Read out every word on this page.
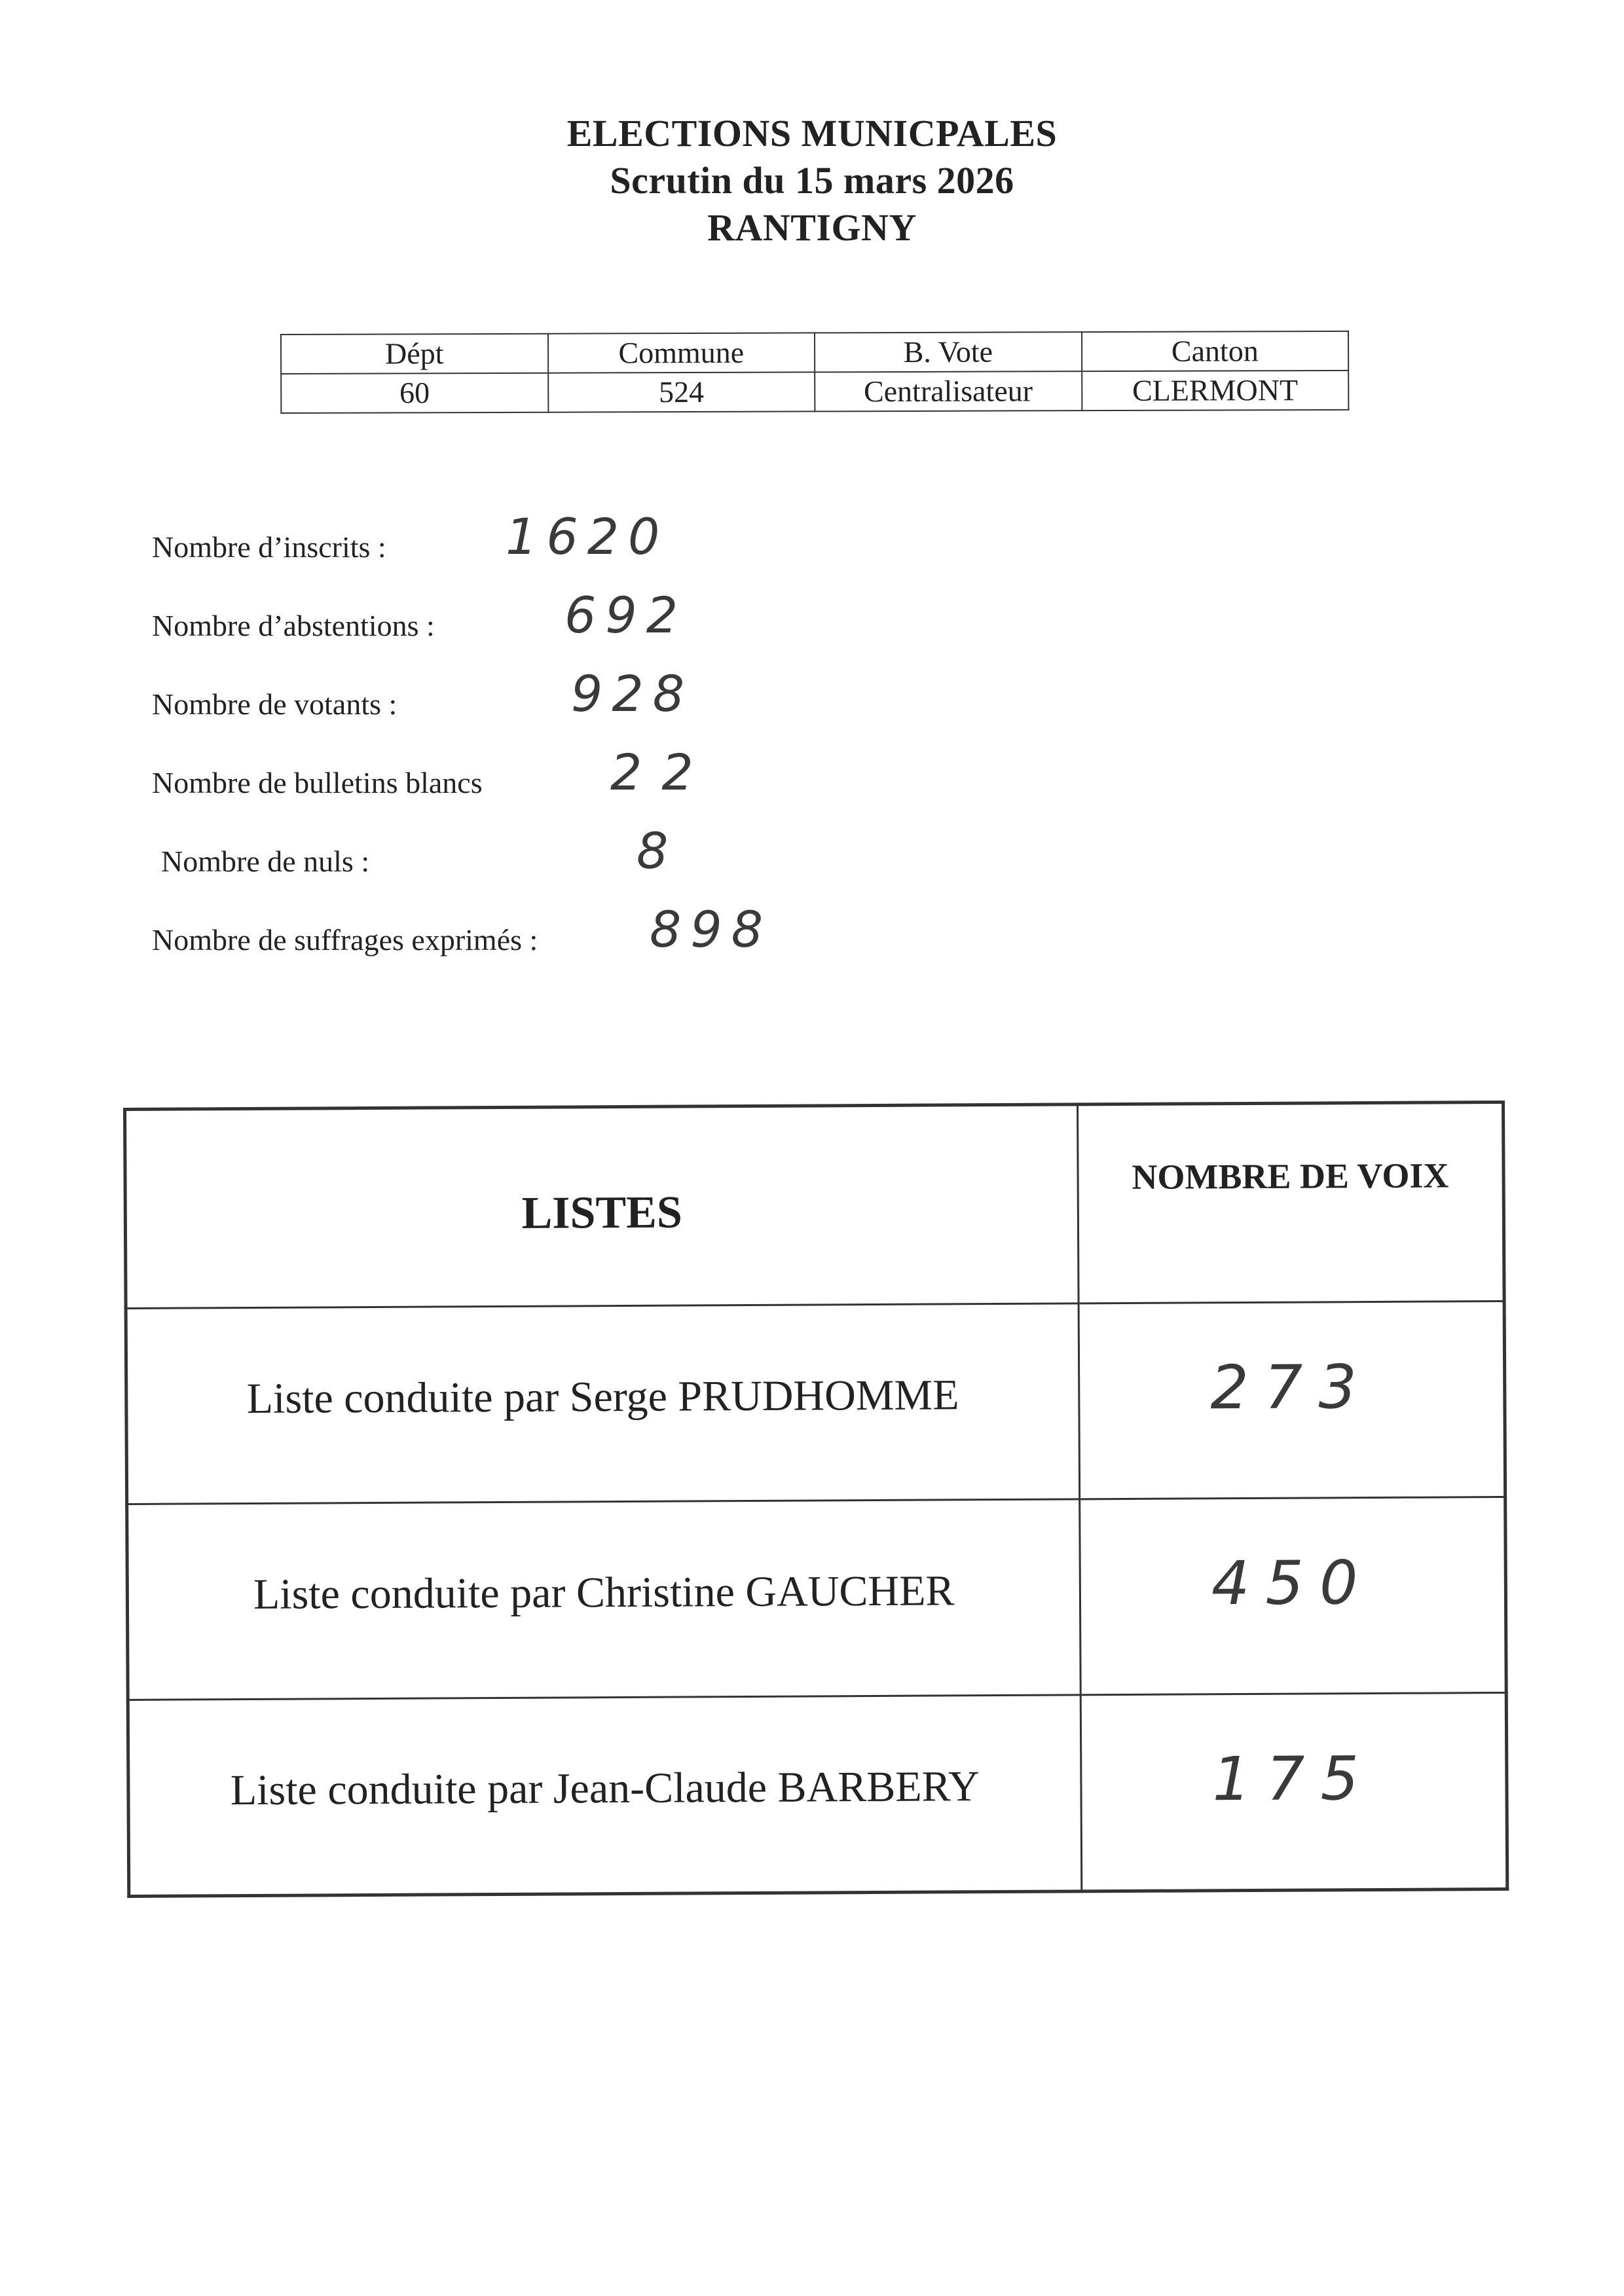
ELECTIONS MUNICPALES
Scrutin du 15 mars 2026
RANTIGNY
Dépt	Commune	B. Vote	Canton
60	524	Centralisateur	CLERMONT
Nombre d’inscrits : 1620
Nombre d’abstentions :	692
Nombre de votants :	928
Nombre de bulletins blancs	22
Nombre de nuls :	8
Nombre de suffrages exprimés : 898
LISTES	NOMBRE DE VOIX
Liste conduite par Serge PRUDHOMME	273
Liste conduite par Christine GAUCHER	450
Liste conduite par Jean-Claude BARBERY	175
